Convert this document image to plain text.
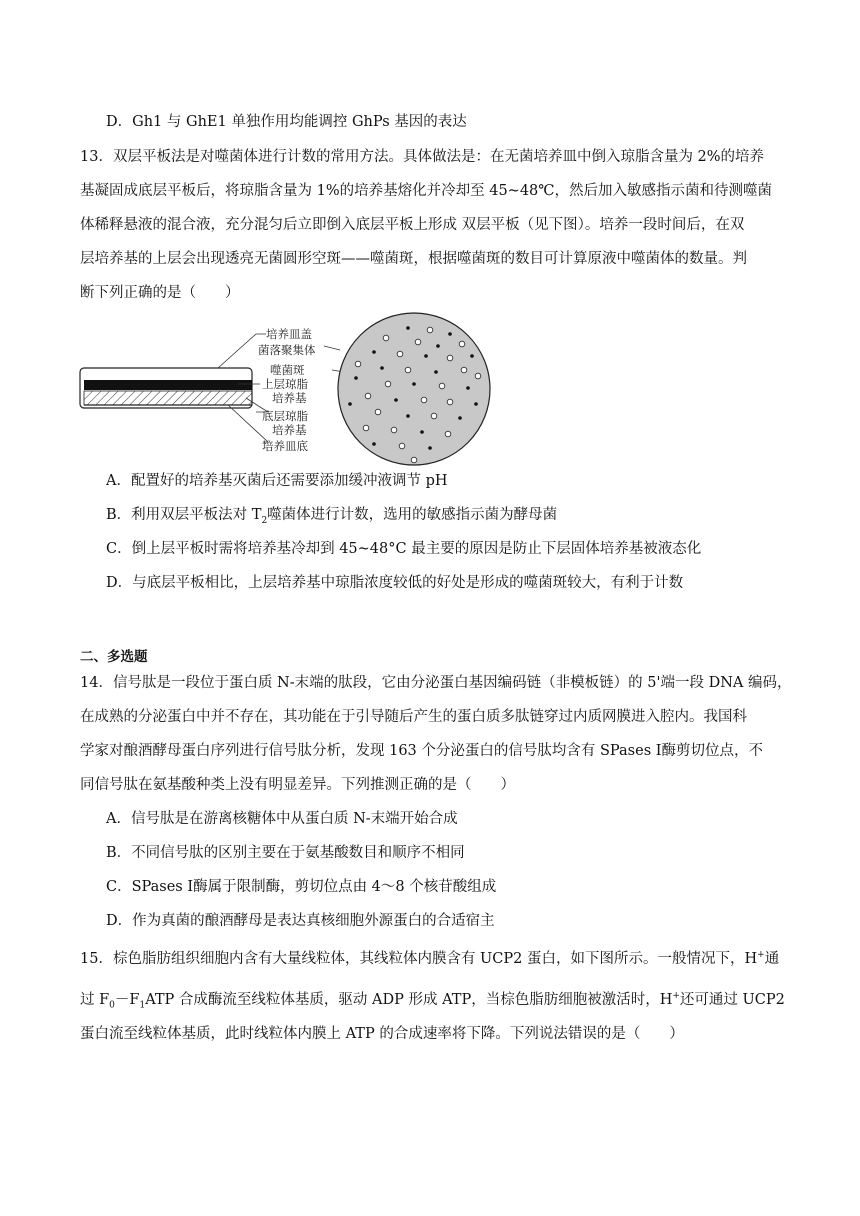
D．Gh1 与 GhE1 单独作用均能调控 GhPs 基因的表达
13．双层平板法是对噬菌体进行计数的常用方法。具体做法是：在无菌培养皿中倒入琼脂含量为 2%的培养
基凝固成底层平板后，将琼脂含量为 1%的培养基熔化并冷却至 45~48℃，然后加入敏感指示菌和待测噬菌
体稀释悬液的混合液，充分混匀后立即倒入底层平板上形成 双层平板（见下图）。培养一段时间后，在双
层培养基的上层会出现透亮无菌圆形空斑——噬菌斑，根据噬菌斑的数目可计算原液中噬菌体的数量。判
断下列正确的是（　　）
培养皿盖
菌落聚集体
噬菌斑
上层琼脂
培养基
底层琼脂
培养基
培养皿底
A．配置好的培养基灭菌后还需要添加缓冲液调节 pH
B．利用双层平板法对 $T_2$噬菌体进行计数，选用的敏感指示菌为酵母菌
C．倒上层平板时需将培养基冷却到 45~48°C 最主要的原因是防止下层固体培养基被液态化
D．与底层平板相比，上层培养基中琼脂浓度较低的好处是形成的噬菌斑较大，有利于计数
二、多选题
14．信号肽是一段位于蛋白质 N-末端的肽段，它由分泌蛋白基因编码链（非模板链）的 5'端一段 DNA 编码，
在成熟的分泌蛋白中并不存在，其功能在于引导随后产生的蛋白质多肽链穿过内质网膜进入腔内。我国科
学家对酿酒酵母蛋白序列进行信号肽分析，发现 163 个分泌蛋白的信号肽均含有 SPases Ⅰ酶剪切位点，不
同信号肽在氨基酸种类上没有明显差异。下列推测正确的是（　　）
A．信号肽是在游离核糖体中从蛋白质 N-末端开始合成
B．不同信号肽的区别主要在于氨基酸数目和顺序不相同
C．SPases Ⅰ酶属于限制酶，剪切位点由 4～8 个核苷酸组成
D．作为真菌的酿酒酵母是表达真核细胞外源蛋白的合适宿主
15．棕色脂肪组织细胞内含有大量线粒体，其线粒体内膜含有 UCP2 蛋白，如下图所示。一般情况下，H+通
过 $F_0-F_1ATP$ 合成酶流至线粒体基质，驱动 ADP 形成 ATP，当棕色脂肪细胞被激活时，H+还可通过 UCP2
蛋白流至线粒体基质，此时线粒体内膜上 ATP 的合成速率将下降。下列说法错误的是（　　）
